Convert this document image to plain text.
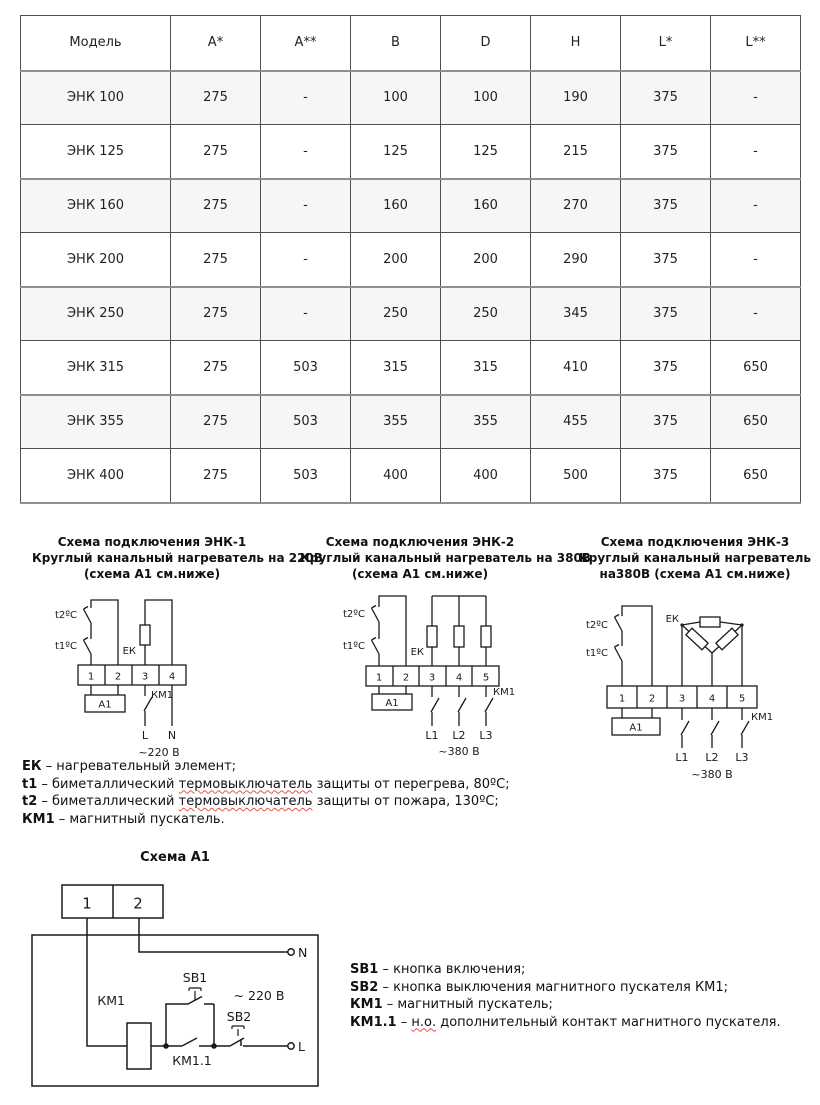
Модель	A*	A**	B	D	H	L*	L**
ЭНК 100	275	-	100	100	190	375	-
ЭНК 125	275	-	125	125	215	375	-
ЭНК 160	275	-	160	160	270	375	-
ЭНК 200	275	-	200	200	290	375	-
ЭНК 250	275	-	250	250	345	375	-
ЭНК 315	275	503	315	315	410	375	650
ЭНК 355	275	503	355	355	455	375	650
ЭНК 400	275	503	400	400	500	375	650
Схема подключения ЭНК-1
Круглый канальный нагреватель на 220В
(схема А1 см.ниже)
Схема подключения ЭНК-2
Круглый канальный нагреватель на 380В
(схема А1 см.ниже)
Схема подключения ЭНК-3
Круглый канальный нагреватель
на380В (схема А1 см.ниже)
t2ºC
t1ºC	ЕК
1 2 3 4
А1
КМ1
L N
~220 В
t2ºC
t1ºC
ЕК
1 2 3 4 5
А1
КМ1
L1 L2 L3
~380 В
t2ºC
t1ºC
ЕК
1 2 3 4 5
А1
КМ1
L1 L2 L3
~380 В
ЕК – нагревательный элемент;
t1 – биметаллический термовыключатель защиты от перегрева, 80ºС;
t2 – биметаллический термовыключатель защиты от пожара, 130ºС;
КМ1 – магнитный пускатель.
Схема А1
1	2
N
КМ1
КМ1.1
SB1
SB2
L
~ 220 В
SB1 – кнопка включения;
SB2 – кнопка выключения магнитного пускателя КМ1;
КМ1 – магнитный пускатель;
КМ1.1 – н.о. дополнительный контакт магнитного пускателя.
